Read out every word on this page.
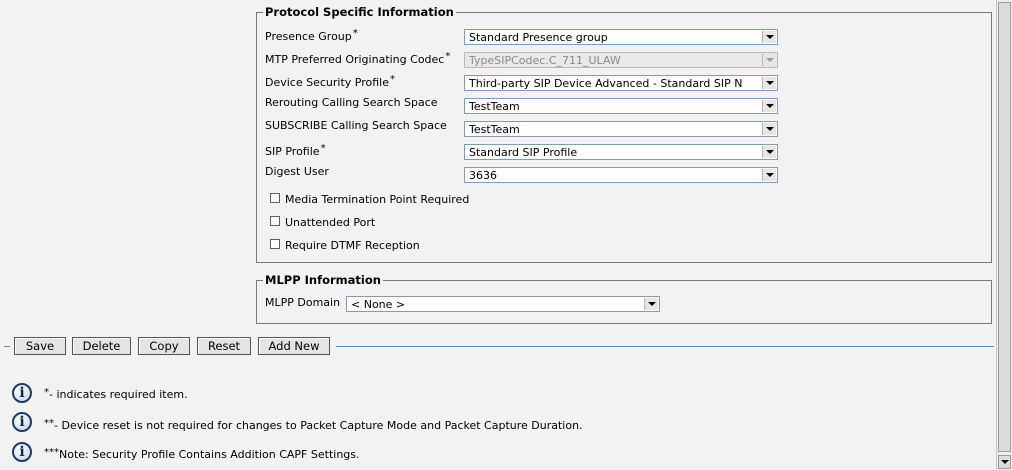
Protocol Specific Information
Presence Group*	Standard Presence group
MTP Preferred Originating Codec* TypeSIPCodec.C_711_ULAW
Device Security Profile*	Third-party SIP Device Advanced - Standard SIP N
Rerouting Calling Search Space	TestTeam
SUBSCRIBE Calling Search Space TestTeam
SIP Profile*	Standard SIP Profile
Digest User	3636
Media Termination Point Required
Unattended Port
Require DTMF Reception
MLPP Information
MLPP Domain < None >
Save	Delete	Copy	Reset	Add New
i	*- indicates required item.
i	**- Device reset is not required for changes to Packet Capture Mode and Packet Capture Duration.
i	***Note: Security Profile Contains Addition CAPF Settings.
